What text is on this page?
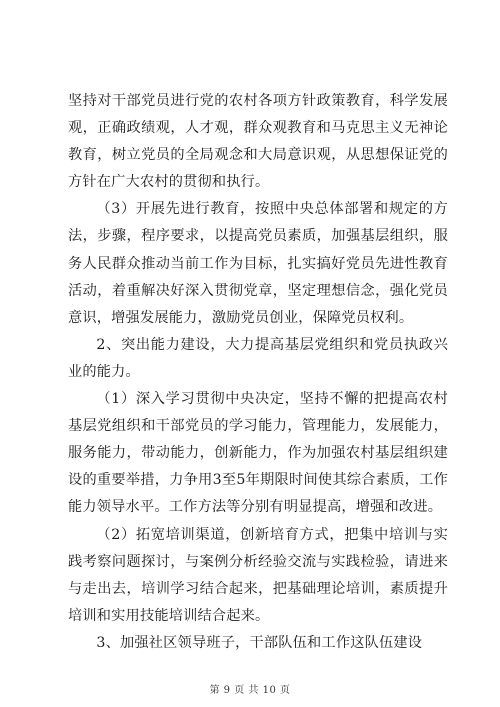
坚持对干部党员进行党的农村各项方针政策教育，科学发展观，正确政绩观，人才观，群众观教育和马克思主义无神论教育，树立党员的全局观念和大局意识观，从思想保证党的方针在广大农村的贯彻和执行。

（3）开展先进行教育，按照中央总体部署和规定的方法，步骤，程序要求，以提高党员素质，加强基层组织，服务人民群众推动当前工作为目标，扎实搞好党员先进性教育活动，着重解决好深入贯彻党章，坚定理想信念，强化党员意识，增强发展能力，激励党员创业，保障党员权利。

2、突出能力建设，大力提高基层党组织和党员执政兴业的能力。

（1）深入学习贯彻中央决定，坚持不懈的把提高农村基层党组织和干部党员的学习能力，管理能力，发展能力，服务能力，带动能力，创新能力，作为加强农村基层组织建设的重要举措，力争用3至5年期限时间使其综合素质，工作能力领导水平。工作方法等分别有明显提高，增强和改进。

（2）拓宽培训渠道，创新培育方式，把集中培训与实践考察问题探讨，与案例分析经验交流与实践检验，请进来与走出去，培训学习结合起来，把基础理论培训，素质提升培训和实用技能培训结合起来。

3、加强社区领导班子，干部队伍和工作这队伍建设

第 9 页 共 10 页
